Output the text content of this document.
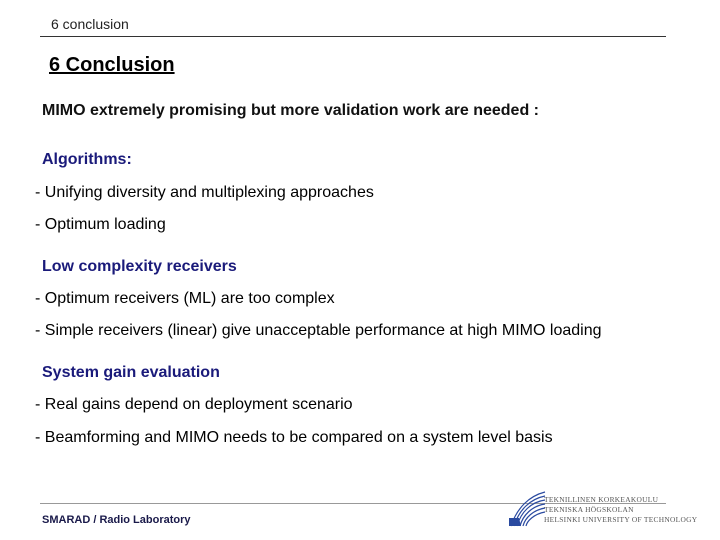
6 conclusion
6 Conclusion
MIMO extremely promising but more validation work are needed :
Algorithms:
- Unifying diversity and multiplexing approaches
- Optimum loading
Low complexity receivers
- Optimum receivers (ML) are too complex
- Simple receivers (linear) give unacceptable performance at high MIMO loading
System gain evaluation
- Real gains depend on deployment scenario
- Beamforming and MIMO needs to be compared on a system level basis
SMARAD / Radio Laboratory
TEKNILLINEN KORKEAKOULU
TEKNISKA HÖGSKOLAN
HELSINKI UNIVERSITY OF TECHNOLOGY
